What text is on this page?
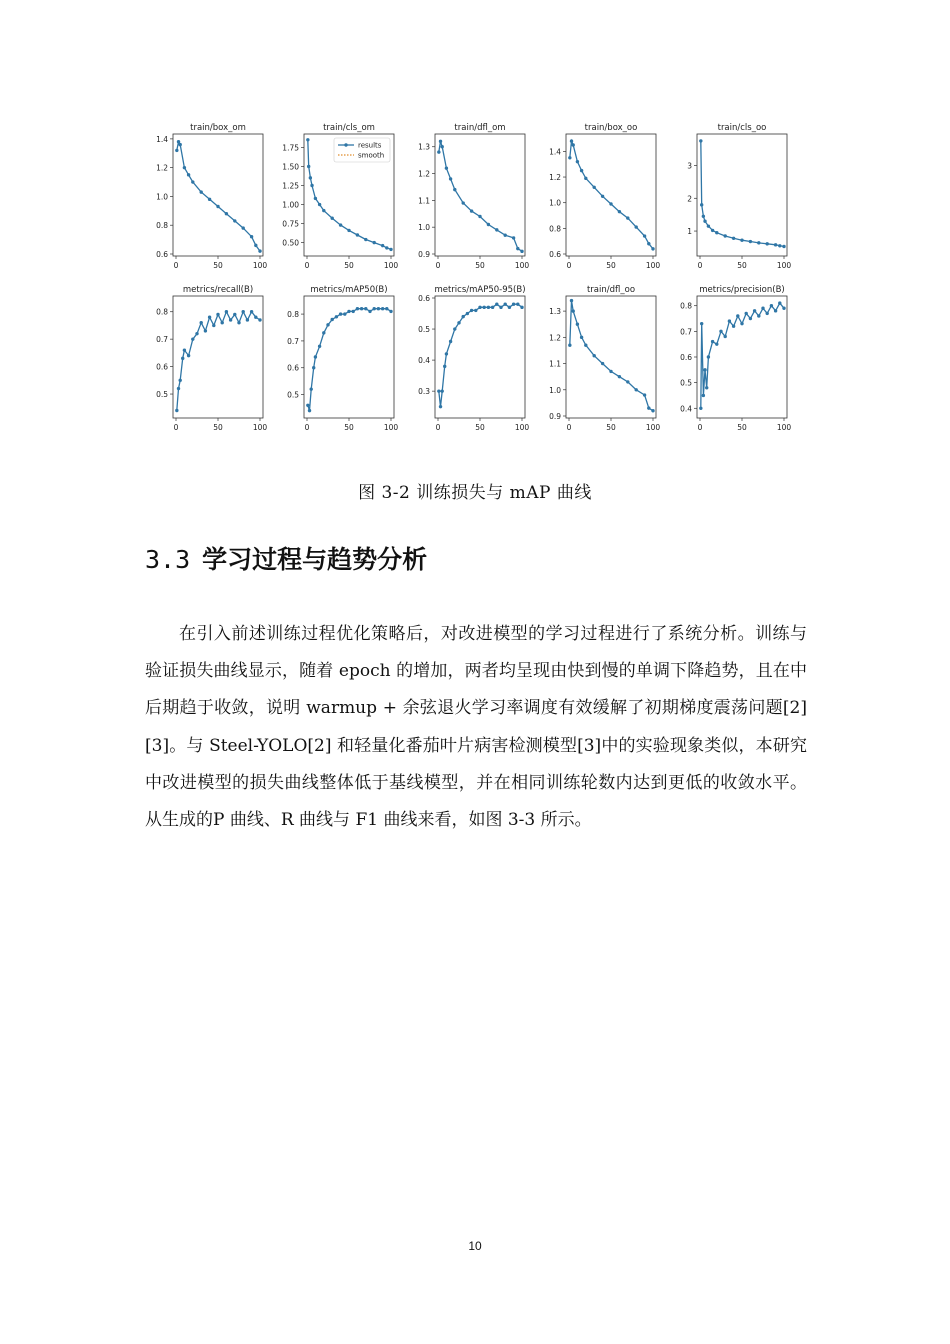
train/box_om
0.6
0.8
1.0
1.2
1.4
0	50	100
train/cls_om
0.50
0.75
1.00
1.25
1.50
1.75
0	50	100
results
smooth
train/dfl_om
0.9
1.0
1.1
1.2
1.3
0	50	100
train/box_oo
0.6
0.8
1.0
1.2
1.4
0	50	100
train/cls_oo
1
2
3
0	50	100
metrics/recall(B)
0.5
0.6
0.7
0.8
0	50	100
metrics/mAP50(B)
0.5
0.6
0.7
0.8
0	50	100
metrics/mAP50-95(B)
0.3
0.4
0.5
0.6
0	50	100
train/dfl_oo
0.9
1.0
1.1
1.2
1.3
0	50	100
metrics/precision(B)
0.4
0.5
0.6
0.7
0.8
0	50	100
图 3-2 训练损失与 mAP 曲线
3.3 学习过程与趋势分析
在引入前述训练过程优化策略后，对改进模型的学习过程进行了系统分析。训练与验证损失曲线显示，随着 epoch 的增加，两者均呈现由快到慢的单调下降趋势，且在中后期趋于收敛，说明 warmup + 余弦退火学习率调度有效缓解了初期梯度震荡问题[2][3]。与 Steel-YOLO[2] 和轻量化番茄叶片病害检测模型[3]中的实验现象类似，本研究中改进模型的损失曲线整体低于基线模型，并在相同训练轮数内达到更低的收敛水平。从生成的P 曲线、R 曲线与 F1 曲线来看，如图 3-3 所示。
10
